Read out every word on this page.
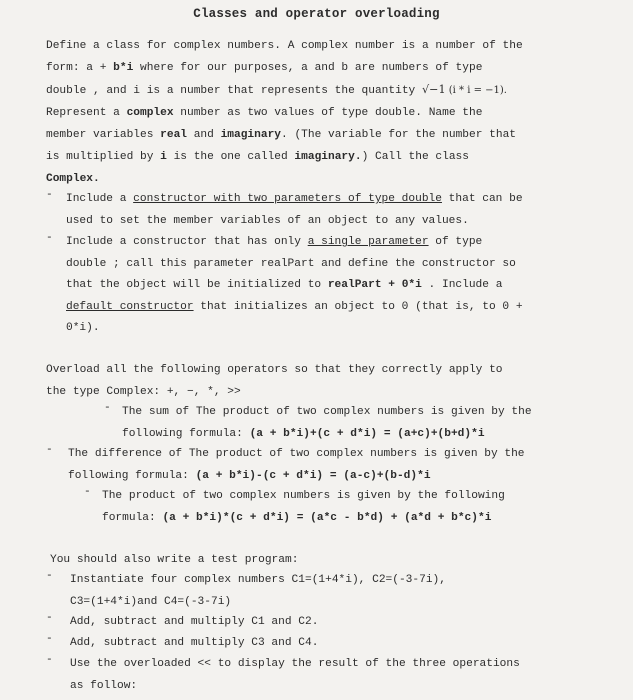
Classes and operator overloading
Define a class for complex numbers. A complex number is a number of the
form: a + b*i where for our purposes, a and b are numbers of type
double , and i is a number that represents the quantity √−1 (i * i = −1).
Represent a complex number as two values of type double. Name the
member variables real and imaginary. (The variable for the number that
is multiplied by i is the one called imaginary.) Call the class
Complex.
- Include a constructor with two parameters of type double that can be
used to set the member variables of an object to any values.
- Include a constructor that has only a single parameter of type
double ; call this parameter realPart and define the constructor so
that the object will be initialized to realPart + 0*i . Include a
default constructor that initializes an object to 0 (that is, to 0 +
0*i).
Overload all the following operators so that they correctly apply to
the type Complex: +, −, *, >>
- The sum of The product of two complex numbers is given by the
following formula: (a + b*i)+(c + d*i) = (a+c)+(b+d)*i
- The difference of The product of two complex numbers is given by the
following formula: (a + b*i)-(c + d*i) = (a-c)+(b-d)*i
- The product of two complex numbers is given by the following
formula: (a + b*i)*(c + d*i) = (a*c - b*d) + (a*d + b*c)*i
You should also write a test program:
- Instantiate four complex numbers C1=(1+4*i), C2=(-3-7i),
C3=(1+4*i)and C4=(-3-7i)
- Add, subtract and multiply C1 and C2.
- Add, subtract and multiply C3 and C4.
- Use the overloaded << to display the result of the three operations
as follow:
